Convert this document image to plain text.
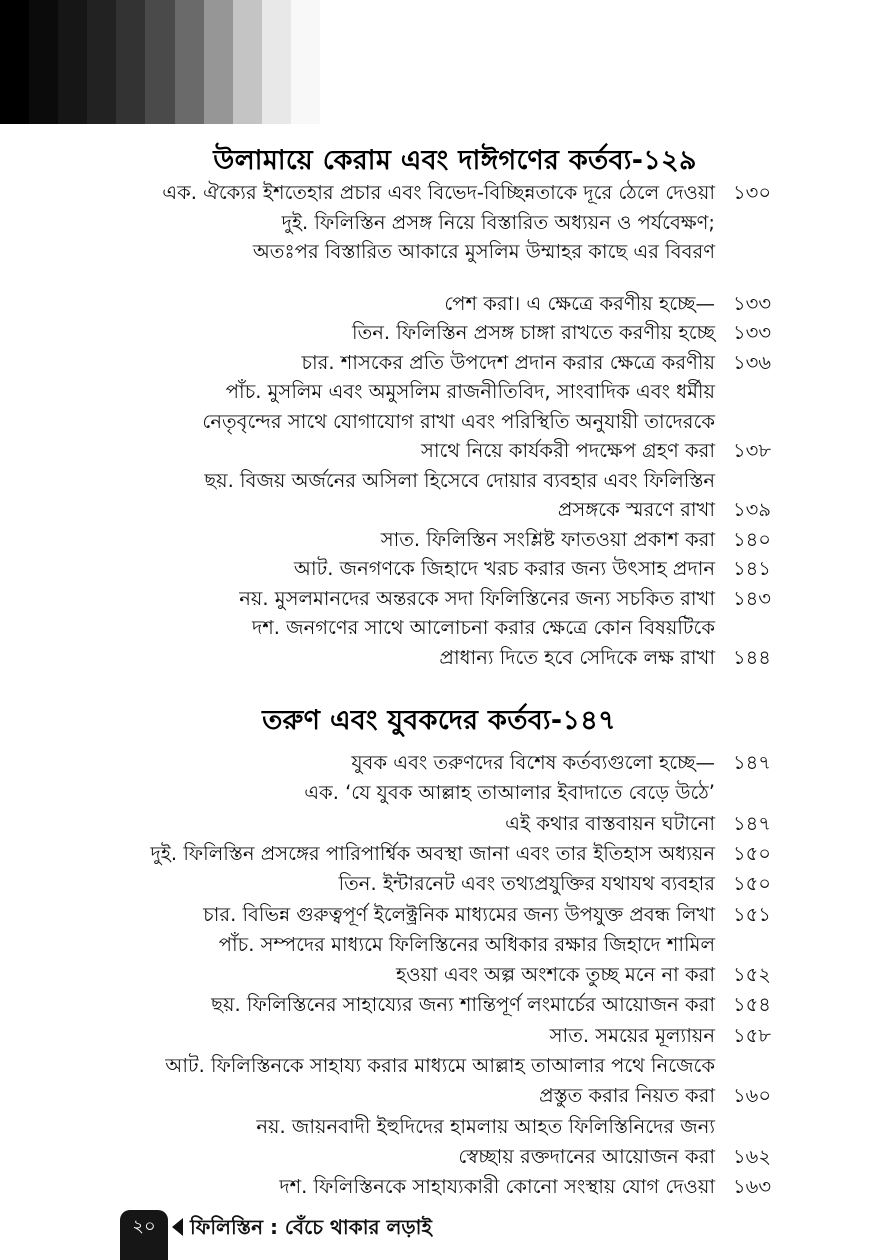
উলামায়ে কেরাম এবং দাঈগণের কর্তব্য-১২৯
এক. ঐক্যের ইশতেহার প্রচার এবং বিভেদ-বিচ্ছিন্নতাকে দূরে ঠেলে দেওয়া ১৩০
দুই. ফিলিস্তিন প্রসঙ্গ নিয়ে বিস্তারিত অধ্যয়ন ও পর্যবেক্ষণ;
অতঃপর বিস্তারিত আকারে মুসলিম উম্মাহর কাছে এর বিবরণ
পেশ করা। এ ক্ষেত্রে করণীয় হচ্ছে— ১৩৩
তিন. ফিলিস্তিন প্রসঙ্গ চাঙ্গা রাখতে করণীয় হচ্ছে ১৩৩
চার. শাসকের প্রতি উপদেশ প্রদান করার ক্ষেত্রে করণীয় ১৩৬
পাঁচ. মুসলিম এবং অমুসলিম রাজনীতিবিদ, সাংবাদিক এবং ধর্মীয়
নেতৃবৃন্দের সাথে যোগাযোগ রাখা এবং পরিস্থিতি অনুযায়ী তাদেরকে
সাথে নিয়ে কার্যকরী পদক্ষেপ গ্রহণ করা ১৩৮
ছয়. বিজয় অর্জনের অসিলা হিসেবে দোয়ার ব্যবহার এবং ফিলিস্তিন
প্রসঙ্গকে স্মরণে রাখা ১৩৯
সাত. ফিলিস্তিন সংশ্লিষ্ট ফাতওয়া প্রকাশ করা ১৪০
আট. জনগণকে জিহাদে খরচ করার জন্য উৎসাহ প্রদান ১৪১
নয়. মুসলমানদের অন্তরকে সদা ফিলিস্তিনের জন্য সচকিত রাখা ১৪৩
দশ. জনগণের সাথে আলোচনা করার ক্ষেত্রে কোন বিষয়টিকে
প্রাধান্য দিতে হবে সেদিকে লক্ষ রাখা ১৪৪
তরুণ এবং যুবকদের কর্তব্য-১৪৭
যুবক এবং তরুণদের বিশেষ কর্তব্যগুলো হচ্ছে— ১৪৭
এক. ‘যে যুবক আল্লাহ তাআলার ইবাদাতে বেড়ে উঠে’
এই কথার বাস্তবায়ন ঘটানো ১৪৭
দুই. ফিলিস্তিন প্রসঙ্গের পারিপার্শ্বিক অবস্থা জানা এবং তার ইতিহাস অধ্যয়ন ১৫০
তিন. ইন্টারনেট এবং তথ্যপ্রযুক্তির যথাযথ ব্যবহার ১৫০
চার. বিভিন্ন গুরুত্বপূর্ণ ইলেক্ট্রনিক মাধ্যমের জন্য উপযুক্ত প্রবন্ধ লিখা ১৫১
পাঁচ. সম্পদের মাধ্যমে ফিলিস্তিনের অধিকার রক্ষার জিহাদে শামিল
হওয়া এবং অল্প অংশকে তুচ্ছ মনে না করা ১৫২
ছয়. ফিলিস্তিনের সাহায্যের জন্য শান্তিপূর্ণ লংমার্চের আয়োজন করা ১৫৪
সাত. সময়ের মূল্যায়ন ১৫৮
আট. ফিলিস্তিনকে সাহায্য করার মাধ্যমে আল্লাহ তাআলার পথে নিজেকে
প্রস্তুত করার নিয়ত করা ১৬০
নয়. জায়নবাদী ইহুদিদের হামলায় আহত ফিলিস্তিনিদের জন্য
স্বেচ্ছায় রক্তদানের আয়োজন করা ১৬২
দশ. ফিলিস্তিনকে সাহায্যকারী কোনো সংস্থায় যোগ দেওয়া ১৬৩
২০	ফিলিস্তিন : বেঁচে থাকার লড়াই
